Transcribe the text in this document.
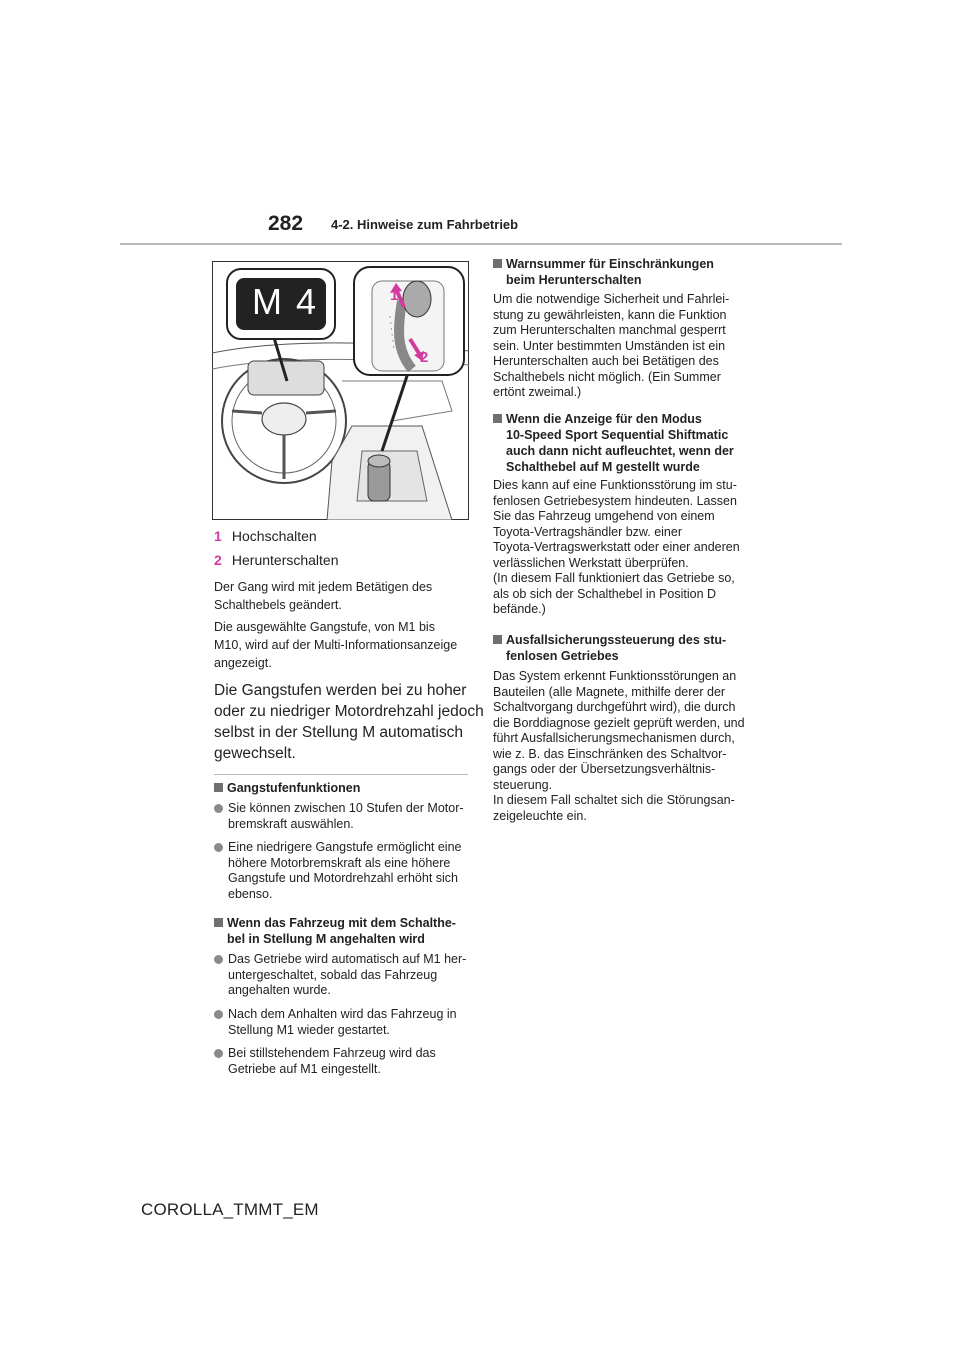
282 4-2. Hinweise zum Fahrbetrieb
M 4	1
2
1 Hochschalten
2 Herunterschalten
Der Gang wird mit jedem Betätigen des
Schalthebels geändert.
Die ausgewählte Gangstufe, von M1 bis
M10, wird auf der Multi-Informationsanzeige
angezeigt.
Die Gangstufen werden bei zu hoher
oder zu niedriger Motordrehzahl jedoch
selbst in der Stellung M automatisch
gewechselt.
Gangstufenfunktionen
Sie können zwischen 10 Stufen der Motor-
bremskraft auswählen.
Eine niedrigere Gangstufe ermöglicht eine
höhere Motorbremskraft als eine höhere
Gangstufe und Motordrehzahl erhöht sich
ebenso.
Wenn das Fahrzeug mit dem Schalthe-
bel in Stellung M angehalten wird
Das Getriebe wird automatisch auf M1 her-
untergeschaltet, sobald das Fahrzeug
angehalten wurde.
Nach dem Anhalten wird das Fahrzeug in
Stellung M1 wieder gestartet.
Bei stillstehendem Fahrzeug wird das
Getriebe auf M1 eingestellt.
Warnsummer für Einschränkungen
beim Herunterschalten
Um die notwendige Sicherheit und Fahrlei-
stung zu gewährleisten, kann die Funktion
zum Herunterschalten manchmal gesperrt
sein. Unter bestimmten Umständen ist ein
Herunterschalten auch bei Betätigen des
Schalthebels nicht möglich. (Ein Summer
ertönt zweimal.)
Wenn die Anzeige für den Modus
10-Speed Sport Sequential Shiftmatic
auch dann nicht aufleuchtet, wenn der
Schalthebel auf M gestellt wurde
Dies kann auf eine Funktionsstörung im stu-
fenlosen Getriebesystem hindeuten. Lassen
Sie das Fahrzeug umgehend von einem
Toyota-Vertragshändler bzw. einer
Toyota-Vertragswerkstatt oder einer anderen
verlässlichen Werkstatt überprüfen.
(In diesem Fall funktioniert das Getriebe so,
als ob sich der Schalthebel in Position D
befände.)
Ausfallsicherungssteuerung des stu-
fenlosen Getriebes
Das System erkennt Funktionsstörungen an
Bauteilen (alle Magnete, mithilfe derer der
Schaltvorgang durchgeführt wird), die durch
die Borddiagnose gezielt geprüft werden, und
führt Ausfallsicherungsmechanismen durch,
wie z. B. das Einschränken des Schaltvor-
gangs oder der Übersetzungsverhältnis-
steuerung.
In diesem Fall schaltet sich die Störungsan-
zeigeleuchte ein.
COROLLA_TMMT_EM
